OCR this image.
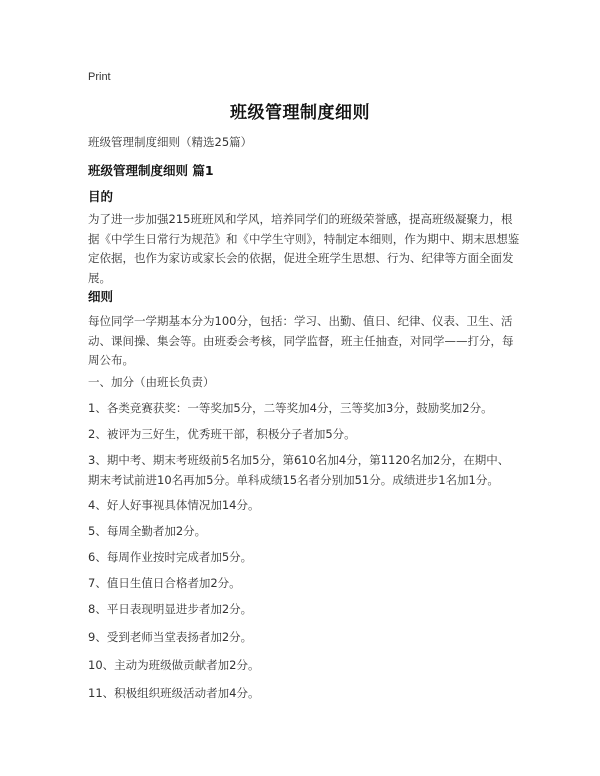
Print
班级管理制度细则
班级管理制度细则（精选25篇）
班级管理制度细则 篇1
目的
为了进一步加强215班班风和学风，培养同学们的班级荣誉感，提高班级凝聚力，根据《中学生日常行为规范》和《中学生守则》，特制定本细则，作为期中、期末思想鉴定依据，也作为家访或家长会的依据，促进全班学生思想、行为、纪律等方面全面发展。
细则
每位同学一学期基本分为100分，包括：学习、出勤、值日、纪律、仪表、卫生、活动、课间操、集会等。由班委会考核，同学监督，班主任抽查，对同学——打分，每周公布。
一、加分（由班长负责）
1、各类竞赛获奖：一等奖加5分，二等奖加4分，三等奖加3分，鼓励奖加2分。
2、被评为三好生，优秀班干部，积极分子者加5分。
3、期中考、期末考班级前5名加5分，第610名加4分，第1120名加2分，在期中、期末考试前进10名再加5分。单科成绩15名者分别加51分。成绩进步1名加1分。
4、好人好事视具体情况加14分。
5、每周全勤者加2分。
6、每周作业按时完成者加5分。
7、值日生值日合格者加2分。
8、平日表现明显进步者加2分。
9、受到老师当堂表扬者加2分。
10、主动为班级做贡献者加2分。
11、积极组织班级活动者加4分。
